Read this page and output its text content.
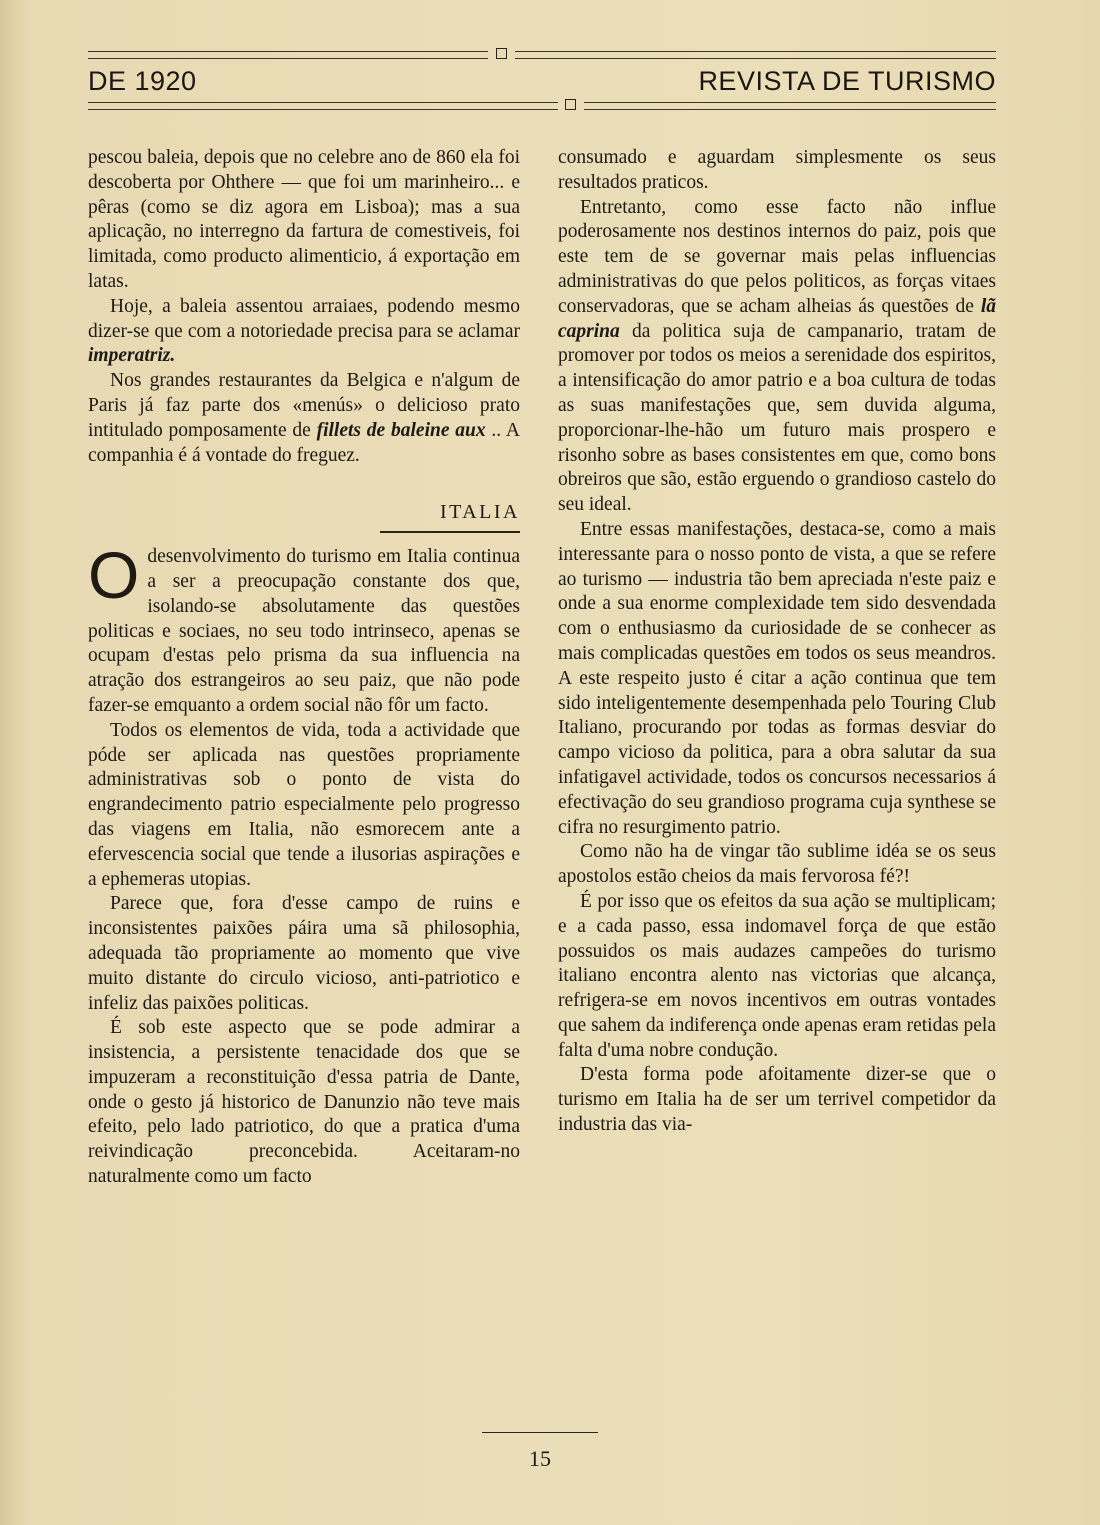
DE 1920	REVISTA DE TURISMO

pescou baleia, depois que no celebre ano de 860 ela foi descoberta por Ohthere — que foi um marinheiro... e pêras (como se diz agora em Lisboa); mas a sua aplicação, no interregno da fartura de comestiveis, foi limitada, como producto alimenticio, á exportação em latas.

Hoje, a baleia assentou arraiaes, podendo mesmo dizer-se que com a notoriedade precisa para se aclamar imperatriz.

Nos grandes restaurantes da Belgica e n'algum de Paris já faz parte dos «menús» o delicioso prato intitulado pomposamente de fillets de baleine aux .. A companhia é á vontade do freguez.

ITALIA

Odesenvolvimento do turismo em Italia continua a ser a preocupação constante dos que, isolando-se absolutamente das questões politicas e sociaes, no seu todo intrinseco, apenas se ocupam d'estas pelo prisma da sua influencia na atração dos estrangeiros ao seu paiz, que não pode fazer-se emquanto a ordem social não fôr um facto.

Todos os elementos de vida, toda a actividade que póde ser aplicada nas questões propriamente administrativas sob o ponto de vista do engrandecimento patrio especialmente pelo progresso das viagens em Italia, não esmorecem ante a efervescencia social que tende a ilusorias aspirações e a ephemeras utopias.

Parece que, fora d'esse campo de ruins e inconsistentes paixões páira uma sã philosophia, adequada tão propriamente ao momento que vive muito distante do circulo vicioso, anti-patriotico e infeliz das paixões politicas.

É sob este aspecto que se pode admirar a insistencia, a persistente tenacidade dos que se impuzeram a reconstituição d'essa patria de Dante, onde o gesto já historico de Danunzio não teve mais efeito, pelo lado patriotico, do que a pratica d'uma reivindicação preconcebida. Aceitaram-no naturalmente como um facto

consumado e aguardam simplesmente os seus resultados praticos.

Entretanto, como esse facto não influe poderosamente nos destinos internos do paiz, pois que este tem de se governar mais pelas influencias administrativas do que pelos politicos, as forças vitaes conservadoras, que se acham alheias ás questões de lã caprina da politica suja de campanario, tratam de promover por todos os meios a serenidade dos espiritos, a intensificação do amor patrio e a boa cultura de todas as suas manifestações que, sem duvida alguma, proporcionar-lhe-hão um futuro mais prospero e risonho sobre as bases consistentes em que, como bons obreiros que são, estão erguendo o grandioso castelo do seu ideal.

Entre essas manifestações, destaca-se, como a mais interessante para o nosso ponto de vista, a que se refere ao turismo — industria tão bem apreciada n'este paiz e onde a sua enorme complexidade tem sido desvendada com o enthusiasmo da curiosidade de se conhecer as mais complicadas questões em todos os seus meandros. A este respeito justo é citar a ação continua que tem sido inteligentemente desempenhada pelo Touring Club Italiano, procurando por todas as formas desviar do campo vicioso da politica, para a obra salutar da sua infatigavel actividade, todos os concursos necessarios á efectivação do seu grandioso programa cuja synthese se cifra no resurgimento patrio.

Como não ha de vingar tão sublime idéa se os seus apostolos estão cheios da mais fervorosa fé?!

É por isso que os efeitos da sua ação se multiplicam; e a cada passo, essa indomavel força de que estão possuidos os mais audazes campeões do turismo italiano encontra alento nas victorias que alcança, refrigera-se em novos incentivos em outras vontades que sahem da indiferença onde apenas eram retidas pela falta d'uma nobre condução.

D'esta forma pode afoitamente dizer-se que o turismo em Italia ha de ser um terrivel competidor da industria das via-

15
